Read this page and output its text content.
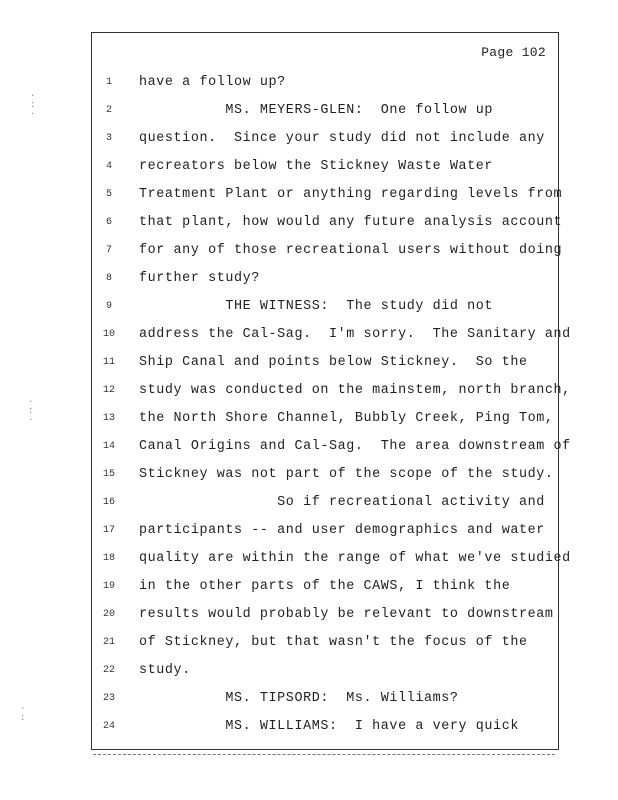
Page 102
1	have a follow up?
2	MS. MEYERS-GLEN:  One follow up
3	question.  Since your study did not include any
4	recreators below the Stickney Waste Water
5	Treatment Plant or anything regarding levels from
6	that plant, how would any future analysis account
7	for any of those recreational users without doing
8	further study?
9	THE WITNESS:  The study did not
10 address the Cal-Sag.  I'm sorry.  The Sanitary and
11 Ship Canal and points below Stickney.  So the
12 study was conducted on the mainstem, north branch,
13 the North Shore Channel, Bubbly Creek, Ping Tom,
14 Canal Origins and Cal-Sag.  The area downstream of
15 Stickney was not part of the scope of the study.
16 So if recreational activity and
17 participants -- and user demographics and water
18 quality are within the range of what we've studied
19 in the other parts of the CAWS, I think the
20 results would probably be relevant to downstream
21 of Stickney, but that wasn't the focus of the
22 study.
23 MS. TIPSORD:  Ms. Williams?
24 MS. WILLIAMS:  I have a very quick
·
:
·
·
:
·
·
:
